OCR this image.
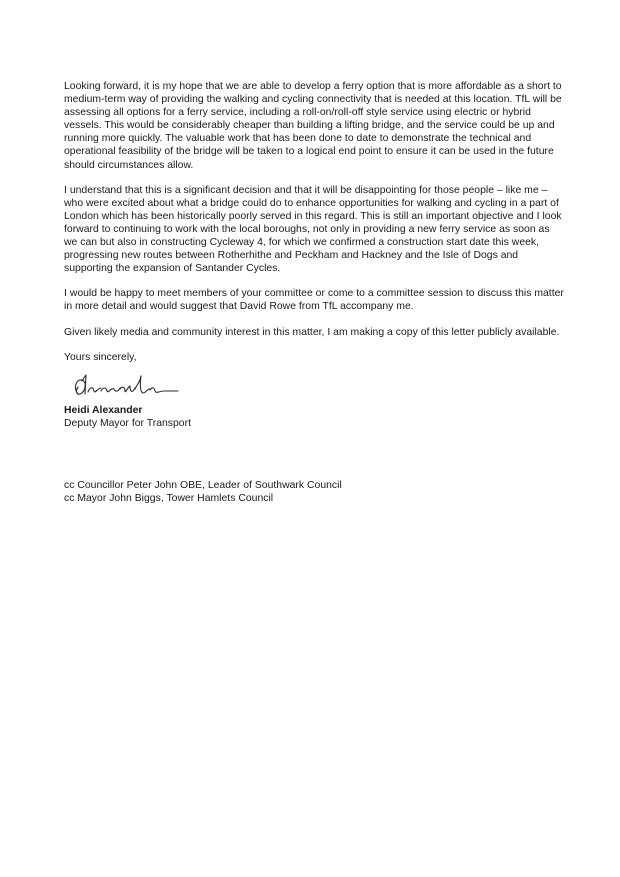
Looking forward, it is my hope that we are able to develop a ferry option that is more affordable as a short to medium-term way of providing the walking and cycling connectivity that is needed at this location. TfL will be assessing all options for a ferry service, including a roll-on/roll-off style service using electric or hybrid vessels. This would be considerably cheaper than building a lifting bridge, and the service could be up and running more quickly. The valuable work that has been done to date to demonstrate the technical and operational feasibility of the bridge will be taken to a logical end point to ensure it can be used in the future should circumstances allow.

I understand that this is a significant decision and that it will be disappointing for those people – like me – who were excited about what a bridge could do to enhance opportunities for walking and cycling in a part of London which has been historically poorly served in this regard. This is still an important objective and I look forward to continuing to work with the local boroughs, not only in providing a new ferry service as soon as we can but also in constructing Cycleway 4, for which we confirmed a construction start date this week, progressing new routes between Rotherhithe and Peckham and Hackney and the Isle of Dogs and supporting the expansion of Santander Cycles.

I would be happy to meet members of your committee or come to a committee session to discuss this matter in more detail and would suggest that David Rowe from TfL accompany me.

Given likely media and community interest in this matter, I am making a copy of this letter publicly available.

Yours sincerely,

Heidi Alexander
Deputy Mayor for Transport
cc Councillor Peter John OBE, Leader of Southwark Council
cc Mayor John Biggs, Tower Hamlets Council
